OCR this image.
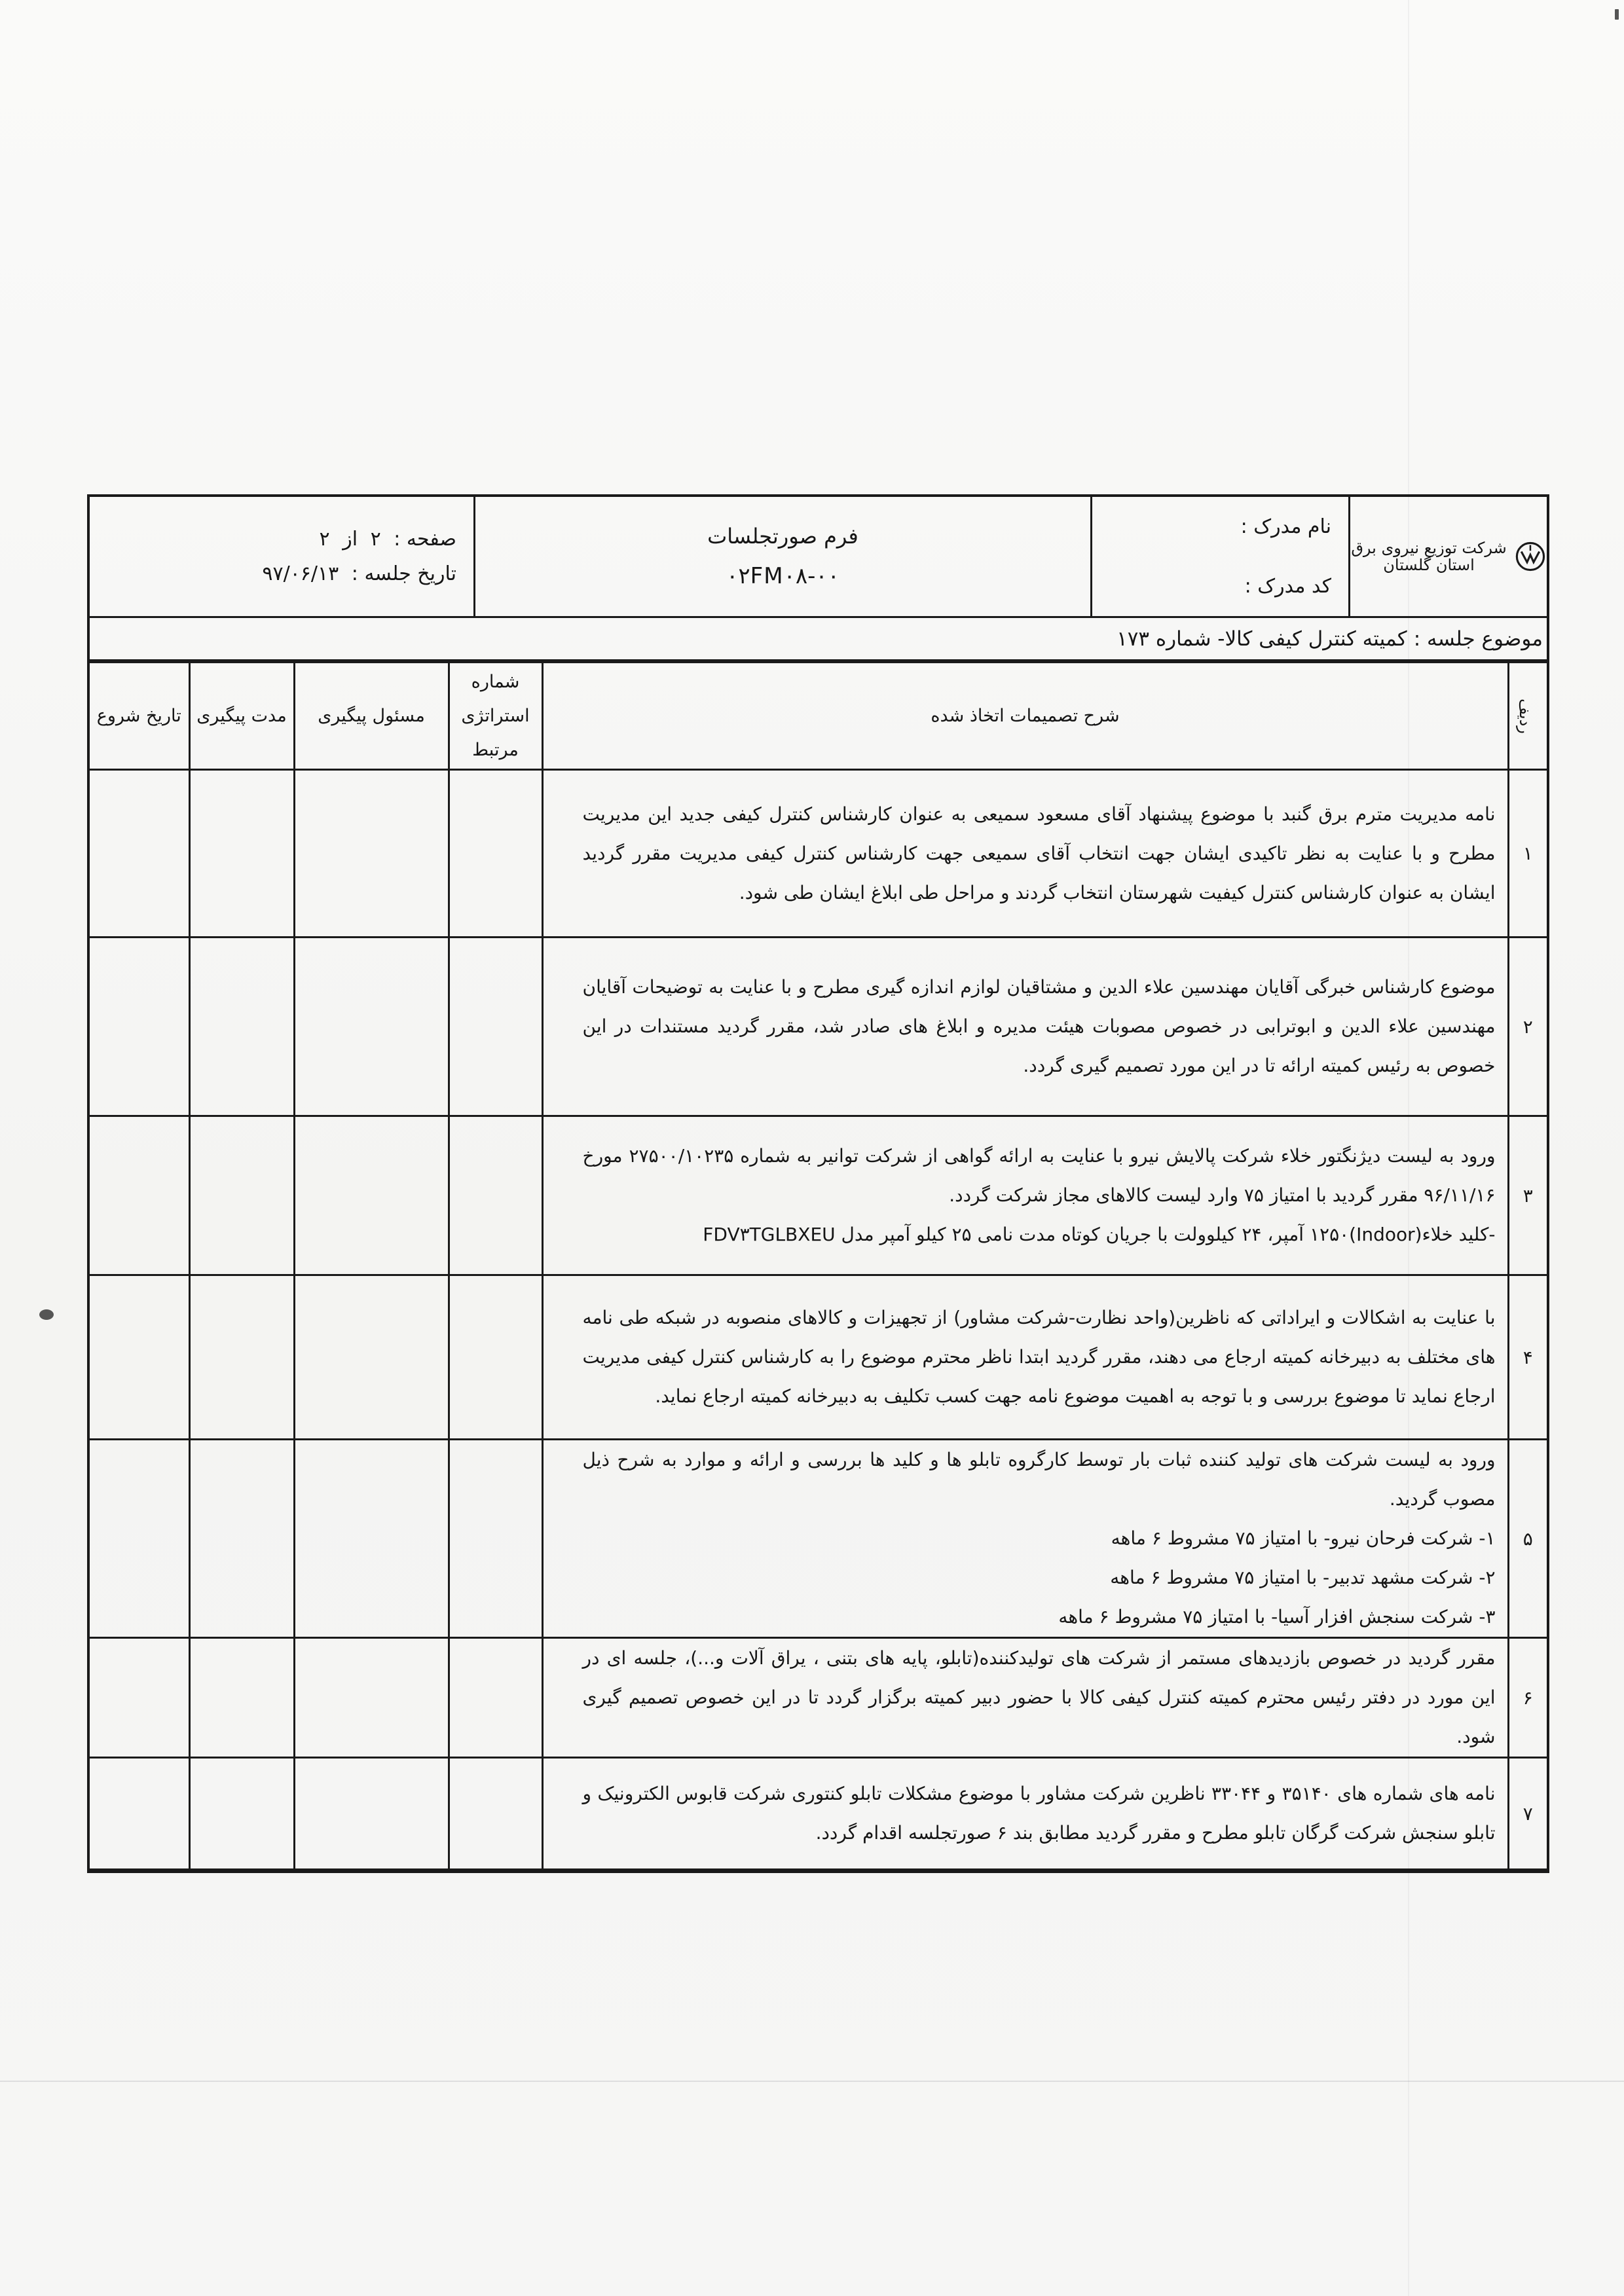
شرکت توزیع نیروی برق استان گلستان
نام مدرک :
کد مدرک :
فرم صورتجلسات
۰۲FM۰۸-۰۰
صفحه : ۲ از ۲
تاریخ جلسه : ۹۷/۰۶/۱۳
موضوع جلسه :
کمیته کنترل کیفی کالا- شماره ۱۷۳
ردیف	شرح تصمیمات اتخاذ شده	شماره استراتژی مرتبط	مسئول پیگیری	مدت پیگیری	تاریخ شروع
۱	نامه مدیریت مترم برق گنبد با موضوع پیشنهاد آقای مسعود سمیعی به عنوان کارشناس کنترل کیفی جدید این مدیریت مطرح و با عنایت به نظر تاکیدی ایشان جهت انتخاب آقای سمیعی جهت کارشناس کنترل کیفی مدیریت مقرر گردید ایشان به عنوان کارشناس کنترل کیفیت شهرستان انتخاب گردند و مراحل طی ابلاغ ایشان طی شود.				

۲	موضوع کارشناس خبرگی آقایان مهندسین علاء الدین و مشتاقیان لوازم اندازه گیری مطرح و با عنایت به توضیحات آقایان مهندسین علاء الدین و ابوترابی در خصوص مصوبات هیئت مدیره و ابلاغ های صادر شد، مقرر گردید مستندات در این خصوص به رئیس کمیته ارائه تا در این مورد تصمیم گیری گردد.				

۳	ورود به لیست دیژنگتور خلاء شرکت پالایش نیرو با عنایت به ارائه گواهی از شرکت توانیر به شماره ۲۷۵۰۰/۱۰۲۳۵ مورخ ۹۶/۱۱/۱۶ مقرر گردید با امتیاز ۷۵ وارد لیست کالاهای مجاز شرکت گردد.

-کلید خلاء(Indoor)۱۲۵۰ آمپر، ۲۴ کیلوولت با جریان کوتاه مدت نامی ۲۵ کیلو آمپر مدل FDV۳TGLBXEU				

۴	با عنایت به اشکالات و ایراداتی که ناظرین(واحد نظارت-شرکت مشاور) از تجهیزات و کالاهای منصوبه در شبکه طی نامه های مختلف به دبیرخانه کمیته ارجاع می دهند، مقرر گردید ابتدا ناظر محترم موضوع را به کارشناس کنترل کیفی مدیریت ارجاع نماید تا موضوع بررسی و با توجه به اهمیت موضوع نامه جهت کسب تکلیف به دبیرخانه کمیته ارجاع نماید.				

۵	ورود به لیست شرکت های تولید کننده ثبات بار توسط کارگروه تابلو ها و کلید ها بررسی و ارائه و موارد به شرح ذیل مصوب گردید.

۱- شرکت فرحان نیرو- با امتیاز ۷۵ مشروط ۶ ماهه

۲- شرکت مشهد تدبیر- با امتیاز ۷۵ مشروط ۶ ماهه

۳- شرکت سنجش افزار آسیا- با امتیاز ۷۵ مشروط ۶ ماهه				

۶	مقرر گردید در خصوص بازدیدهای مستمر از شرکت های تولیدکننده(تابلو، پایه های بتنی ، یراق آلات و...)، جلسه ای در این مورد در دفتر رئیس محترم کمیته کنترل کیفی کالا با حضور دبیر کمیته برگزار گردد تا در این خصوص تصمیم گیری شود.				

۷	نامه های شماره های ۳۵۱۴۰ و ۳۳۰۴۴ ناظرین شرکت مشاور با موضوع مشکلات تابلو کنتوری شرکت قابوس الکترونیک و تابلو سنجش شرکت گرگان تابلو مطرح و مقرر گردید مطابق بند ۶ صورتجلسه اقدام گردد.				
